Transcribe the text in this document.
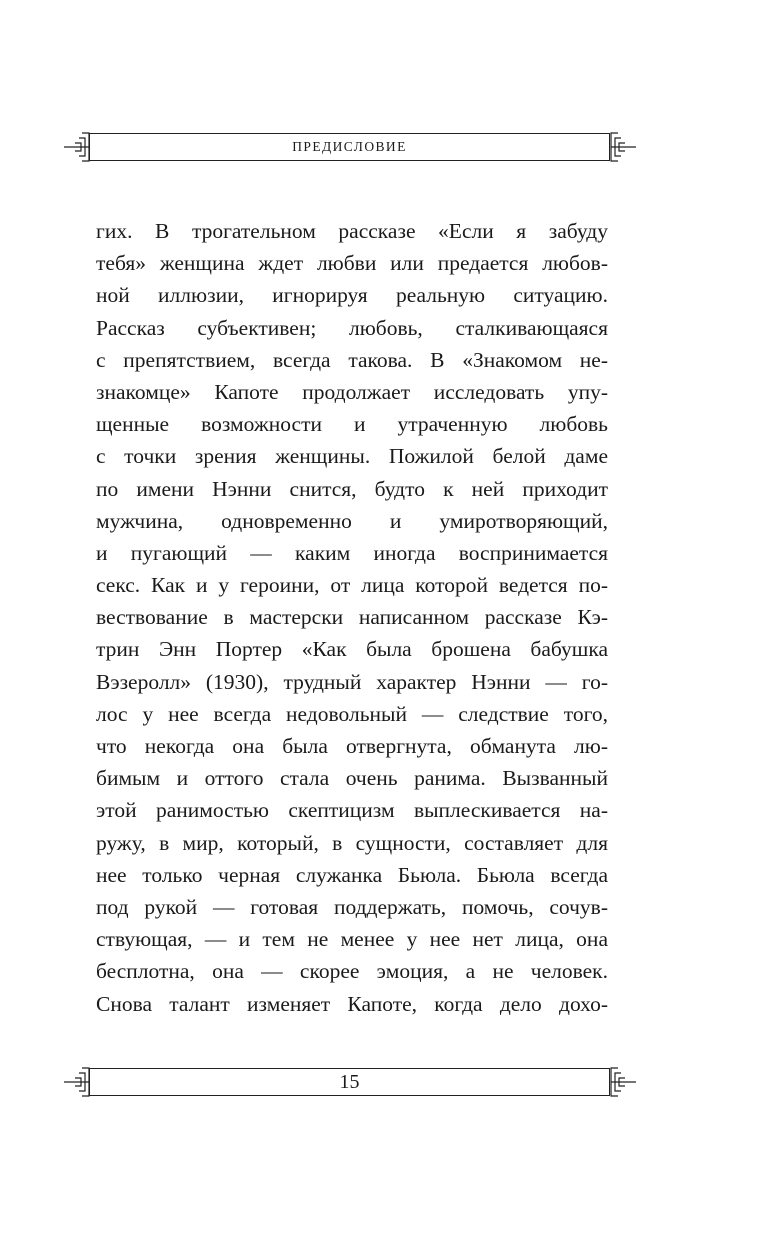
ПРЕДИСЛОВИЕ
гих. В трогательном рассказе «Если я забуду
тебя» женщина ждет любви или предается любов-
ной иллюзии, игнорируя реальную ситуацию.
Рассказ субъективен; любовь, сталкивающаяся
с препятствием, всегда такова. В «Знакомом не-
знакомце» Капоте продолжает исследовать упу-
щенные возможности и утраченную любовь
с точки зрения женщины. Пожилой белой даме
по имени Нэнни снится, будто к ней приходит
мужчина, одновременно и умиротворяющий,
и пугающий — каким иногда воспринимается
секс. Как и у героини, от лица которой ведется по-
вествование в мастерски написанном рассказе Кэ-
трин Энн Портер «Как была брошена бабушка
Вэзеролл» (1930), трудный характер Нэнни — го-
лос у нее всегда недовольный — следствие того,
что некогда она была отвергнута, обманута лю-
бимым и оттого стала очень ранима. Вызванный
этой ранимостью скептицизм выплескивается на-
ружу, в мир, который, в сущности, составляет для
нее только черная служанка Бьюла. Бьюла всегда
под рукой — готовая поддержать, помочь, сочув-
ствующая, — и тем не менее у нее нет лица, она
бесплотна, она — скорее эмоция, а не человек.
Снова талант изменяет Капоте, когда дело дохо-
15
